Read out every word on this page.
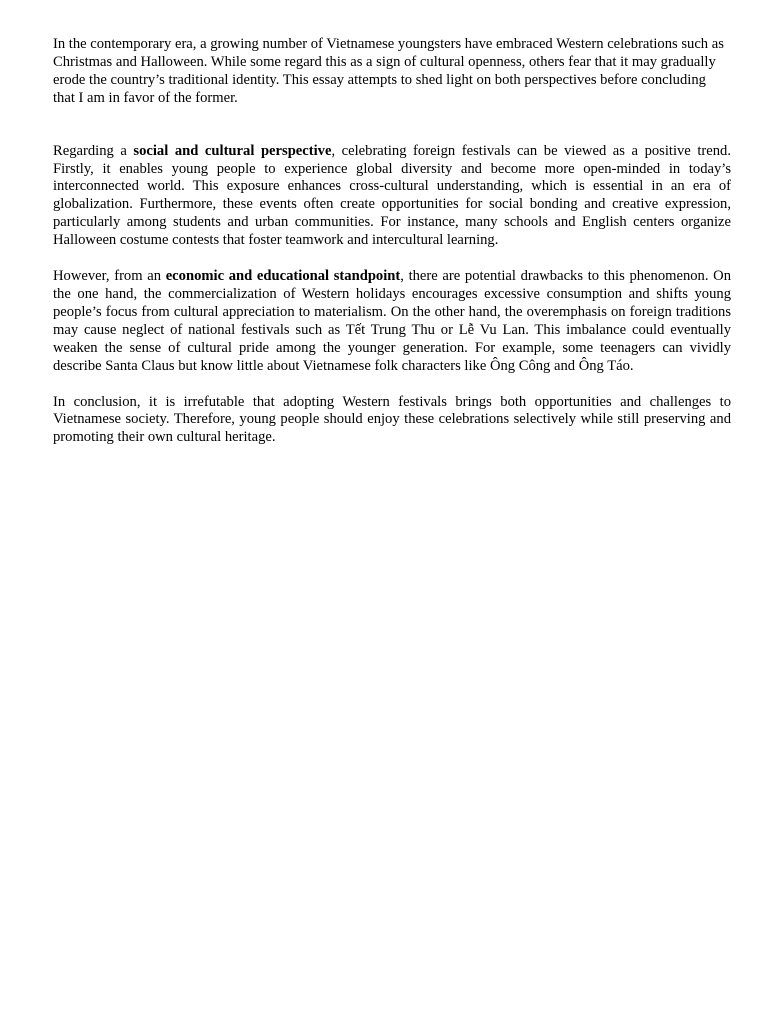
In the contemporary era, a growing number of Vietnamese youngsters have embraced Western celebrations such as Christmas and Halloween. While some regard this as a sign of cultural openness, others fear that it may gradually erode the country’s traditional identity. This essay attempts to shed light on both perspectives before concluding that I am in favor of the former.

Regarding a social and cultural perspective, celebrating foreign festivals can be viewed as a positive trend. Firstly, it enables young people to experience global diversity and become more open-minded in today’s interconnected world. This exposure enhances cross-cultural understanding, which is essential in an era of globalization. Furthermore, these events often create opportunities for social bonding and creative expression, particularly among students and urban communities. For instance, many schools and English centers organize Halloween costume contests that foster teamwork and intercultural learning.

However, from an economic and educational standpoint, there are potential drawbacks to this phenomenon. On the one hand, the commercialization of Western holidays encourages excessive consumption and shifts young people’s focus from cultural appreciation to materialism. On the other hand, the overemphasis on foreign traditions may cause neglect of national festivals such as Tết Trung Thu or Lễ Vu Lan. This imbalance could eventually weaken the sense of cultural pride among the younger generation. For example, some teenagers can vividly describe Santa Claus but know little about Vietnamese folk characters like Ông Công and Ông Táo.

In conclusion, it is irrefutable that adopting Western festivals brings both opportunities and challenges to Vietnamese society. Therefore, young people should enjoy these celebrations selectively while still preserving and promoting their own cultural heritage.
